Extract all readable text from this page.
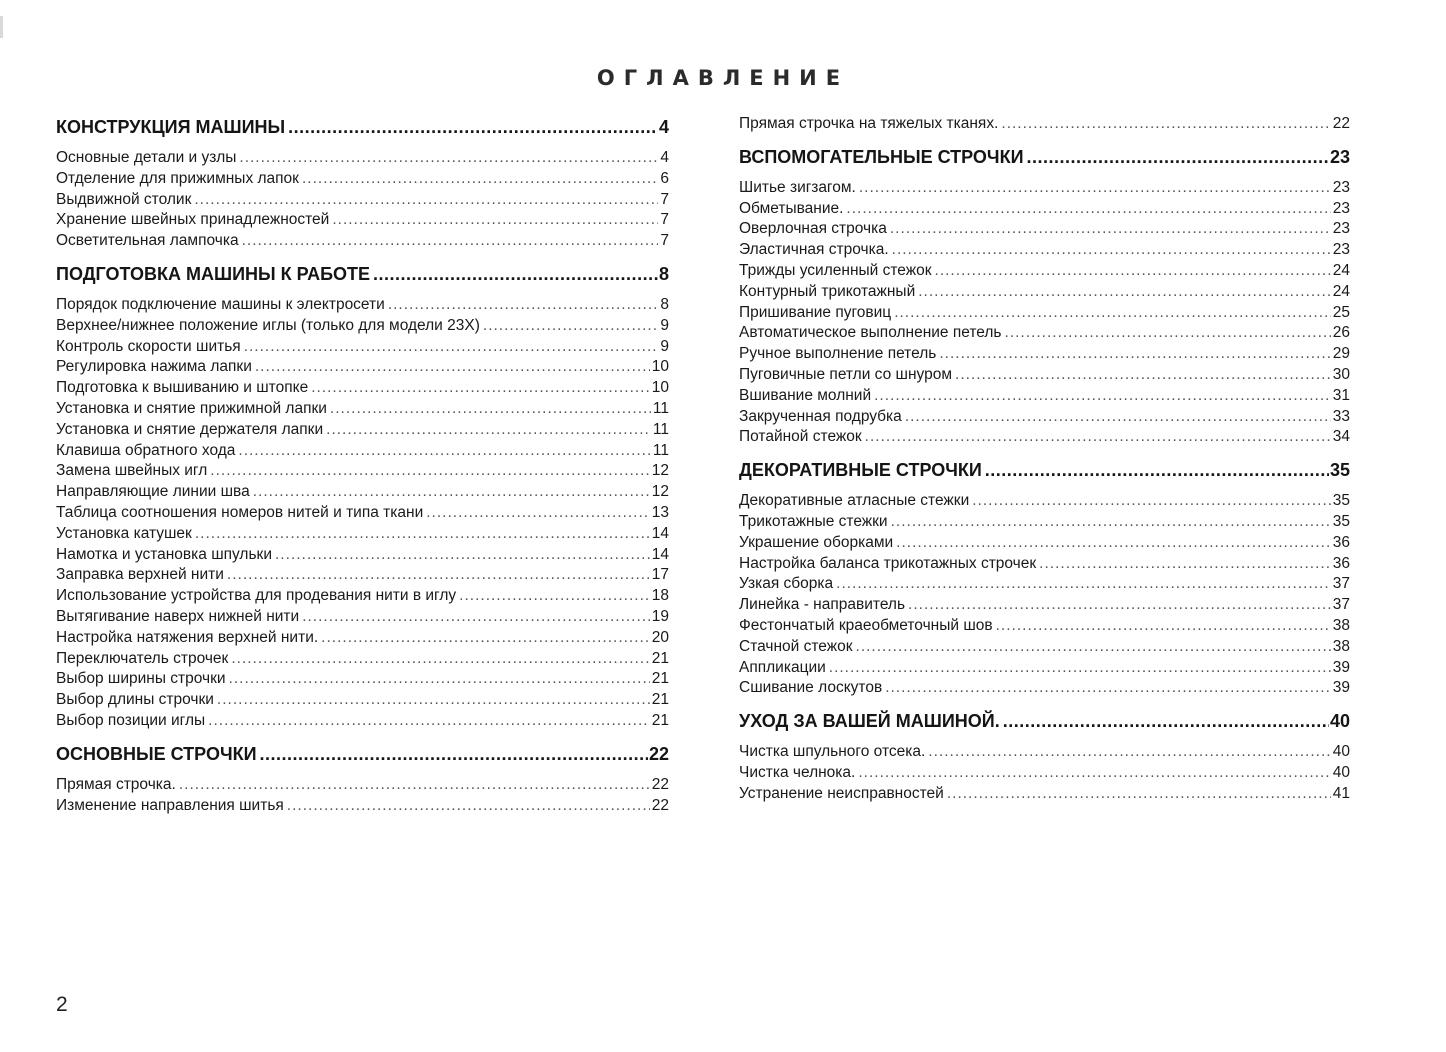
ОГЛАВЛЕНИЕ
КОНСТРУКЦИЯ МАШИНЫ .....	4
Основные детали и узлы .....	4
Отделение для прижимных лапок .....	6
Выдвижной столик .....	7
Хранение швейных принадлежностей .....	7
Осветительная лампочка .....	7
ПОДГОТОВКА МАШИНЫ К РАБОТЕ .....	8
Порядок подключение машины к электросети .....	8
Верхнее/нижнее положение иглы (только для модели 23Х) .....	9
Контроль скорости шитья .....	9
Регулировка нажима лапки .....	10
Подготовка к вышиванию и штопке .....	10
Установка и снятие прижимной лапки .....	11
Установка и снятие держателя лапки .....	11
Клавиша обратного хода .....	11
Замена швейных игл .....	12
Направляющие линии шва .....	12
Таблица соотношения номеров нитей и типа ткани .....	13
Установка катушек .....	14
Намотка и установка шпульки .....	14
Заправка верхней нити .....	17
Использование устройства для продевания нити в иглу .....	18
Вытягивание наверх нижней нити .....	19
Настройка натяжения верхней нити. .....	20
Переключатель строчек .....	21
Выбор ширины строчки .....	21
Выбор длины строчки .....	21
Выбор позиции иглы .....	21
ОСНОВНЫЕ СТРОЧКИ .....	22
Прямая строчка. .....	22
Изменение направления шитья .....	22
Прямая строчка на тяжелых тканях. .....	22
ВСПОМОГАТЕЛЬНЫЕ СТРОЧКИ .....	23
Шитье зигзагом. .....	23
Обметывание. .....	23
Оверлочная строчка .....	23
Эластичная строчка. .....	23
Трижды усиленный стежок .....	24
Контурный трикотажный .....	24
Пришивание пуговиц .....	25
Автоматическое выполнение петель .....	26
Ручное выполнение петель .....	29
Пуговичные петли со шнуром .....	30
Вшивание молний .....	31
Закрученная подрубка .....	33
Потайной стежок .....	34
ДЕКОРАТИВНЫЕ СТРОЧКИ .....	35
Декоративные атласные стежки .....	35
Трикотажные стежки .....	35
Украшение оборками .....	36
Настройка баланса трикотажных строчек .....	36
Узкая сборка .....	37
Линейка - направитель .....	37
Фестончатый краеобметочный шов .....	38
Стачной стежок .....	38
Аппликации .....	39
Сшивание лоскутов .....	39
УХОД ЗА ВАШЕЙ МАШИНОЙ. .....	40
Чистка шпульного отсека. .....	40
Чистка челнока. .....	40
Устранение неисправностей .....	41
2
